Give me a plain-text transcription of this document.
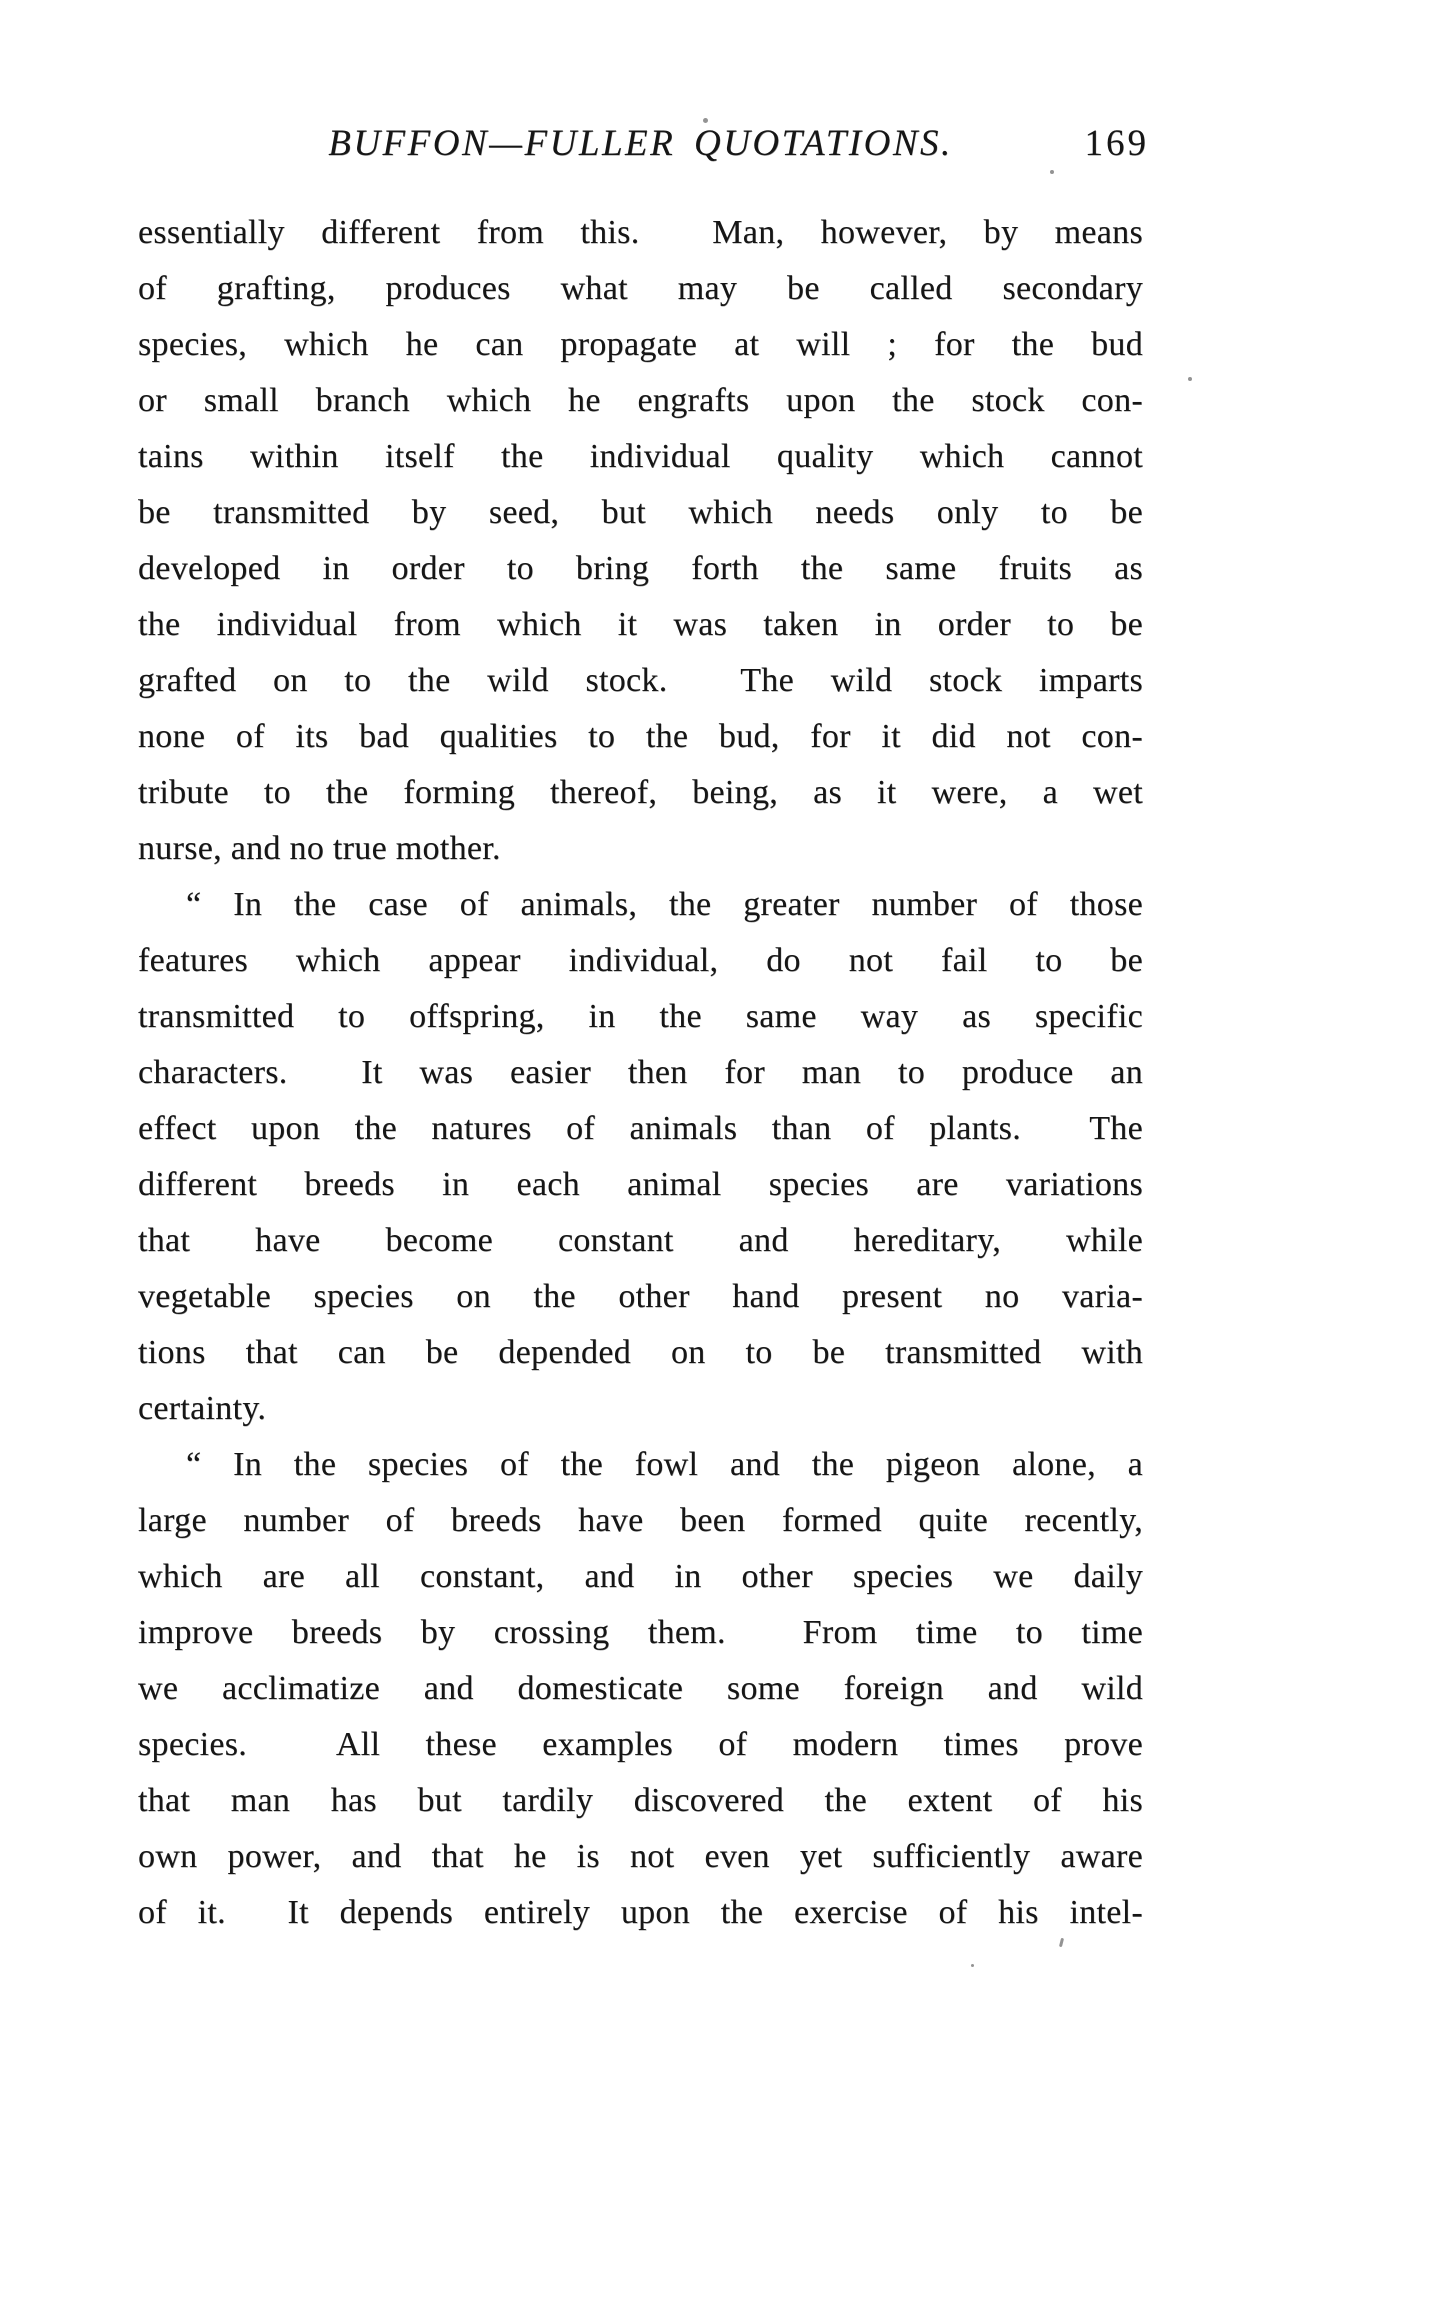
BUFFON—FULLER QUOTATIONS.	169
essentially different from this.  Man, however, by means
of grafting, produces what may be called secondary
species, which he can propagate at will ; for the bud
or small branch which he engrafts upon the stock con-
tains within itself the individual quality which cannot
be transmitted by seed, but which needs only to be
developed in order to bring forth the same fruits as
the individual from which it was taken in order to be
grafted on to the wild stock.  The wild stock imparts
none of its bad qualities to the bud, for it did not con-
tribute to the forming thereof, being, as it were, a wet
nurse, and no true mother.
“ In the case of animals, the greater number of those
features which appear individual, do not fail to be
transmitted to offspring, in the same way as specific
characters.  It was easier then for man to produce an
effect upon the natures of animals than of plants.  The
different breeds in each animal species are variations
that have become constant and hereditary, while
vegetable species on the other hand present no varia-
tions that can be depended on to be transmitted with
certainty.
“ In the species of the fowl and the pigeon alone, a
large number of breeds have been formed quite recently,
which are all constant, and in other species we daily
improve breeds by crossing them.  From time to time
we acclimatize and domesticate some foreign and wild
species.  All these examples of modern times prove
that man has but tardily discovered the extent of his
own power, and that he is not even yet sufficiently aware
of it.  It depends entirely upon the exercise of his intel-
